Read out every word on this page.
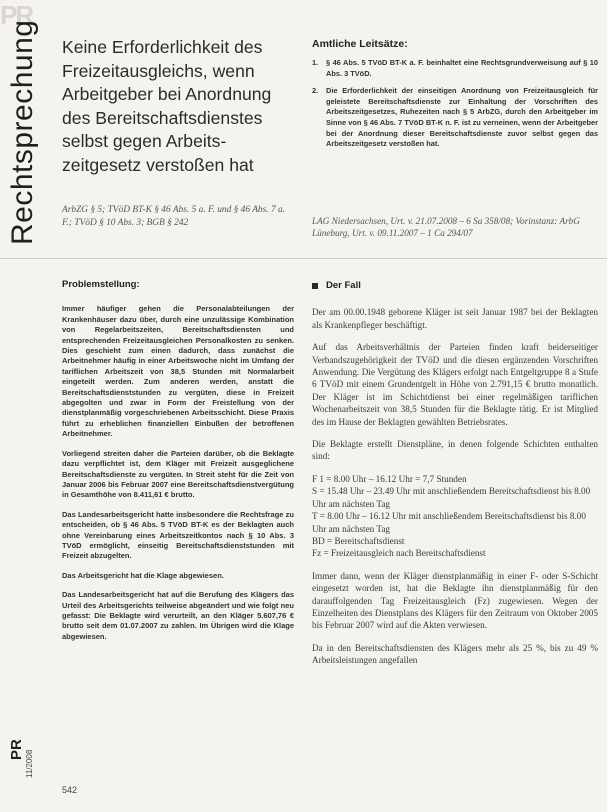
PR
Rechtsprechung Keine Erforderlichkeit des
Freizeitausgleichs, wenn
Arbeitgeber bei Anordnung
des Bereitschaftsdienstes
selbst gegen Arbeits-
zeitgesetz verstoßen hat
ArbZG § 5; TVöD BT-K § 46 Abs. 5 a. F. und § 46 Abs. 7 a. F.; TVöD § 10 Abs. 3; BGB § 242
Amtliche Leitsätze:
1.	§ 46 Abs. 5 TVöD BT-K a. F. beinhaltet eine Rechtsgrundverweisung auf § 10 Abs. 3 TVöD.
2.	Die Erforderlichkeit der einseitigen Anordnung von Freizeitausgleich für geleistete Bereitschaftsdienste zur Einhaltung der Vorschriften des Arbeitszeitgesetzes, Ruhezeiten nach § 5 ArbZG, durch den Arbeitgeber im Sinne von § 46 Abs. 7 TVöD BT-K n. F. ist zu verneinen, wenn der Arbeitgeber bei der Anordnung dieser Bereitschaftsdienste zuvor selbst gegen das Arbeitszeitgesetz verstoßen hat.
LAG Niedersachsen, Urt. v. 21.07.2008 – 6 Sa 358/08; Vorinstanz: ArbG Lüneburg, Urt. v. 09.11.2007 – 1 Ca 294/07
Problemstellung:

Immer häufiger gehen die Personalabteilungen der Krankenhäuser dazu über, durch eine unzulässige Kombination von Regelarbeitszeiten, Bereitschaftsdiensten und entsprechenden Freizeitausgleichen Personalkosten zu senken. Dies geschieht zum einen dadurch, dass zunächst die Arbeitnehmer häufig in einer Arbeitswoche nicht im Umfang der tariflichen Arbeitszeit von 38,5 Stunden mit Normalarbeit eingeteilt werden. Zum anderen werden, anstatt die Bereitschaftsdienststunden zu vergüten, diese in Freizeit abgegolten und zwar in Form der Freistellung von der dienstplanmäßig vorgeschriebenen Arbeitsschicht. Diese Praxis führt zu erheblichen finanziellen Einbußen der betroffenen Arbeitnehmer.

Vorliegend streiten daher die Parteien darüber, ob die Beklagte dazu verpflichtet ist, dem Kläger mit Freizeit ausgeglichene Bereitschaftsdienste zu vergüten. In Streit steht für die Zeit von Januar 2006 bis Februar 2007 eine Bereitschaftsdienstvergütung in Gesamthöhe von 8.411,61 € brutto.

Das Landesarbeitsgericht hatte insbesondere die Rechtsfrage zu entscheiden, ob § 46 Abs. 5 TVöD BT-K es der Beklagten auch ohne Vereinbarung eines Arbeitszeitkontos nach § 10 Abs. 3 TVöD ermöglicht, einseitig Bereitschaftsdienststunden mit Freizeit abzugelten.

Das Arbeitsgericht hat die Klage abgewiesen.

Das Landesarbeitsgericht hat auf die Berufung des Klägers das Urteil des Arbeitsgerichts teilweise abgeändert und wie folgt neu gefasst: Die Beklagte wird verurteilt, an den Kläger 5.607,76 € brutto seit dem 01.07.2007 zu zahlen. Im Übrigen wird die Klage abgewiesen.

Der Fall

Der am 00.00.1948 geborene Kläger ist seit Januar 1987 bei der Beklagten als Krankenpfleger beschäftigt.

Auf das Arbeitsverhältnis der Parteien finden kraft beiderseitiger Verbandszugehörigkeit der TVöD und die diesen ergänzenden Vorschriften Anwendung. Die Vergütung des Klägers erfolgt nach Entgeltgruppe 8 a Stufe 6 TVöD mit einem Grundentgelt in Höhe von 2.791,15 € brutto monatlich. Der Kläger ist im Schichtdienst bei einer regelmäßigen tariflichen Wochenarbeitszeit von 38,5 Stunden für die Beklagte tätig. Er ist Mitglied des im Hause der Beklagten gewählten Betriebsrates.

Die Beklagte erstellt Dienstpläne, in denen folgende Schichten enthalten sind:

F 1 = 8.00 Uhr – 16.12 Uhr = 7,7 Stunden
S = 15.48 Uhr – 23.49 Uhr mit anschließendem Bereitschaftsdienst bis 8.00 Uhr am nächsten Tag
T = 8.00 Uhr – 16.12 Uhr mit anschließendem Bereitschaftsdienst bis 8.00 Uhr am nächsten Tag
BD = Bereitschaftsdienst
Fz = Freizeitausgleich nach Bereitschaftsdienst

Immer dann, wenn der Kläger dienstplanmäßig in einer F- oder S-Schicht eingesetzt worden ist, hat die Beklagte ihn dienstplanmäßig für den darauffolgenden Tag Freizeitausgleich (Fz) zugewiesen. Wegen der Einzelheiten des Dienstplans des Klägers für den Zeitraum von Oktober 2005 bis Februar 2007 wird auf die Akten verwiesen.

Da in den Bereitschaftsdiensten des Klägers mehr als 25 %, bis zu 49 % Arbeitsleistungen angefallen

PR
11/2008
542
